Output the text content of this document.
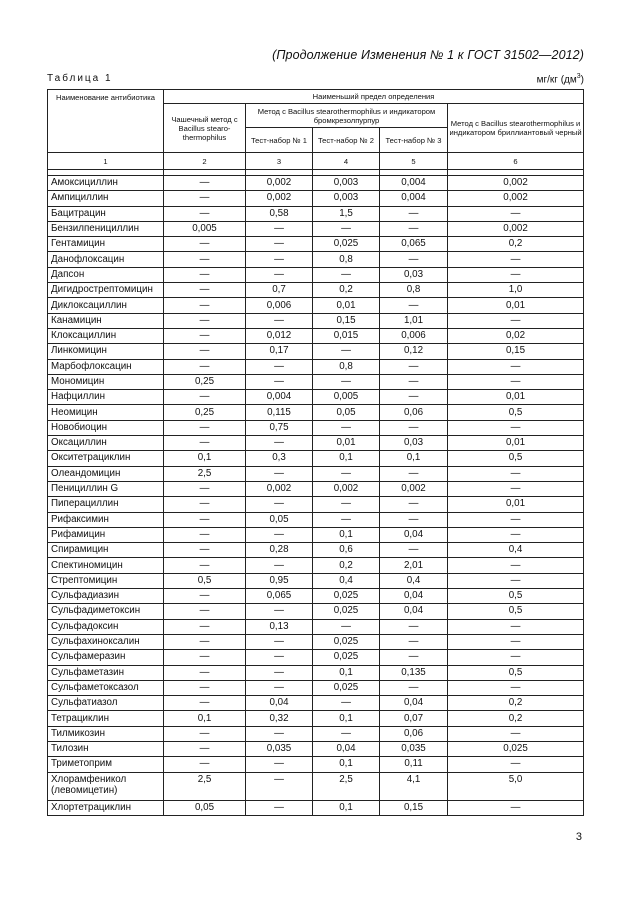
(Продолжение Изменения № 1 к ГОСТ 31502—2012)
Таблица 1	мг/кг $(дм^3)$
Наименование антибиотика	Наименьший предел определения				
	Чашечный метод с Bacillus stearo-thermophilus	Метод с Bacillus stearothermophilus и индикатором бромкрезолпурпур			Метод с Bacillus stearothermophilus и индикатором бриллиантовый черный
		Тест-набор № 1	Тест-набор № 2	Тест-набор № 3	
1	2	3	4	5	6

Амоксициллин	—	0,002	0,003	0,004	0,002
Ампициллин	—	0,002	0,003	0,004	0,002
Бацитрацин	—	0,58	1,5	—	—
Бензилпенициллин	0,005	—	—	—	0,002
Гентамицин	—	—	0,025	0,065	0,2
Данофлоксацин	—	—	0,8	—	—
Дапсон	—	—	—	0,03	—
Дигидрострептомицин	—	0,7	0,2	0,8	1,0
Диклоксациллин	—	0,006	0,01	—	0,01
Канамицин	—	—	0,15	1,01	—
Клоксациллин	—	0,012	0,015	0,006	0,02
Линкомицин	—	0,17	—	0,12	0,15
Марбофлоксацин	—	—	0,8	—	—
Мономицин	0,25	—	—	—	—
Нафциллин	—	0,004	0,005	—	0,01
Неомицин	0,25	0,115	0,05	0,06	0,5
Новобиоцин	—	0,75	—	—	—
Оксациллин	—	—	0,01	0,03	0,01
Окситетрациклин	0,1	0,3	0,1	0,1	0,5
Олеандомицин	2,5	—	—	—	—
Пенициллин G	—	0,002	0,002	0,002	—
Пиперациллин	—	—	—	—	0,01
Рифаксимин	—	0,05	—	—	—
Рифамицин	—	—	0,1	0,04	—
Спирамицин	—	0,28	0,6	—	0,4
Спектиномицин	—	—	0,2	2,01	—
Стрептомицин	0,5	0,95	0,4	0,4	—
Сульфадиазин	—	0,065	0,025	0,04	0,5
Сульфадиметоксин	—	—	0,025	0,04	0,5
Сульфадоксин	—	0,13	—	—	—
Сульфахиноксалин	—	—	0,025	—	—
Сульфамеразин	—	—	0,025	—	—
Сульфаметазин	—	—	0,1	0,135	0,5
Сульфаметоксазол	—	—	0,025	—	—
Сульфатиазол	—	0,04	—	0,04	0,2
Тетрациклин	0,1	0,32	0,1	0,07	0,2
Тилмикозин	—	—	—	0,06	—
Тилозин	—	0,035	0,04	0,035	0,025
Триметоприм	—	—	0,1	0,11	—
Хлорамфеникол (левомицетин)	2,5	—	2,5	4,1	5,0
Хлортетрациклин	0,05	—	0,1	0,15	—
3
